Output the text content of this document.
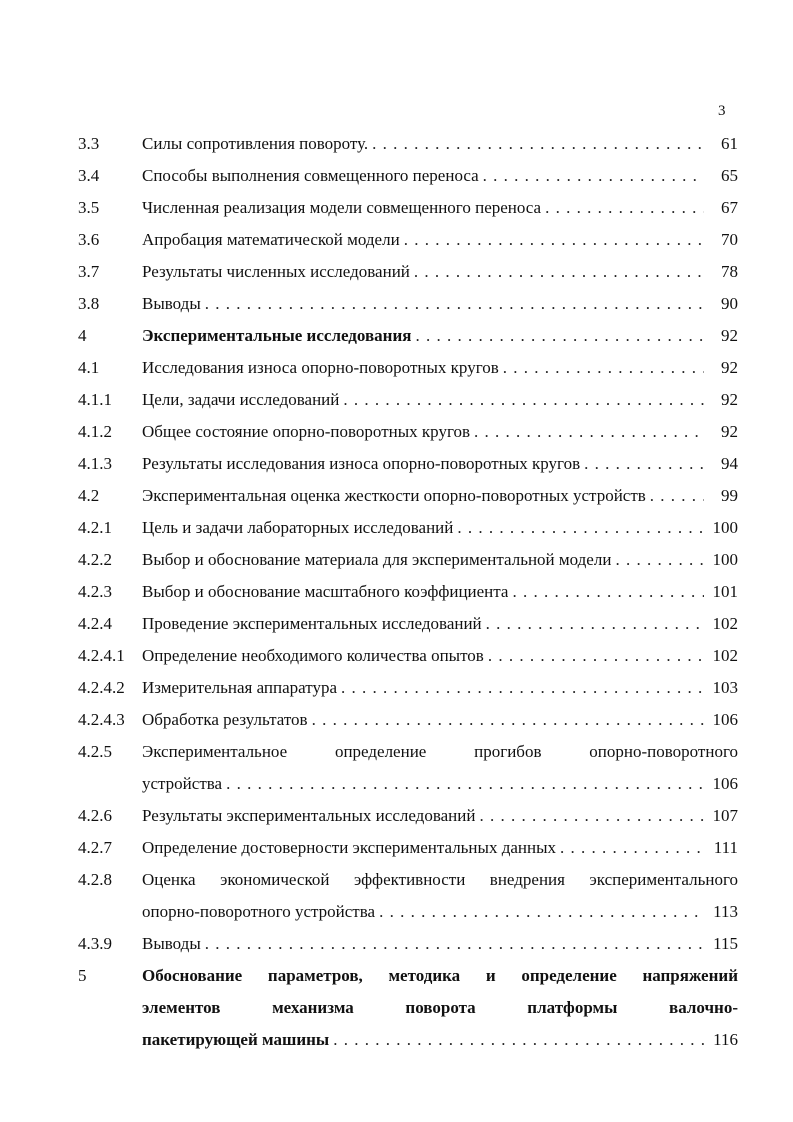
3
3.3	Силы сопротивления повороту. . . .	61
3.4	Способы выполнения совмещенного переноса . . .	65
3.5	Численная реализация модели совмещенного переноса . . .	67
3.6	Апробация математической модели . . .	70
3.7	Результаты численных исследований . . .	78
3.8	Выводы . . .	90
4	Экспериментальные исследования . . .	92
4.1	Исследования износа опорно-поворотных кругов . . .	92
4.1.1	Цели, задачи исследований . . .	92
4.1.2	Общее состояние опорно-поворотных кругов . . .	92
4.1.3	Результаты исследования износа опорно-поворотных кругов . . .	94
4.2	Экспериментальная оценка жесткости опорно-поворотных устройств . . .	99
4.2.1	Цель и задачи лабораторных исследований . . .	100
4.2.2	Выбор и обоснование материала для экспериментальной модели . . .	100
4.2.3	Выбор и обоснование масштабного коэффициента . . .	101
4.2.4	Проведение экспериментальных исследований . . .	102
4.2.4.1	Определение необходимого количества опытов . . .	102
4.2.4.2	Измерительная аппаратура . . .	103
4.2.4.3	Обработка результатов . . .	106
4.2.5	Экспериментальное определение прогибов опорно-поворотного
устройства . . .	106
4.2.6	Результаты экспериментальных исследований . . .	107
4.2.7	Определение достоверности экспериментальных данных . . .	111
4.2.8	Оценка экономической эффективности внедрения экспериментального
опорно-поворотного устройства . . .	113
4.3.9	Выводы . . .	115
5	Обоснование параметров, методика и определение напряжений
элементов механизма поворота платформы валочно-
пакетирующей машины . . .	116
